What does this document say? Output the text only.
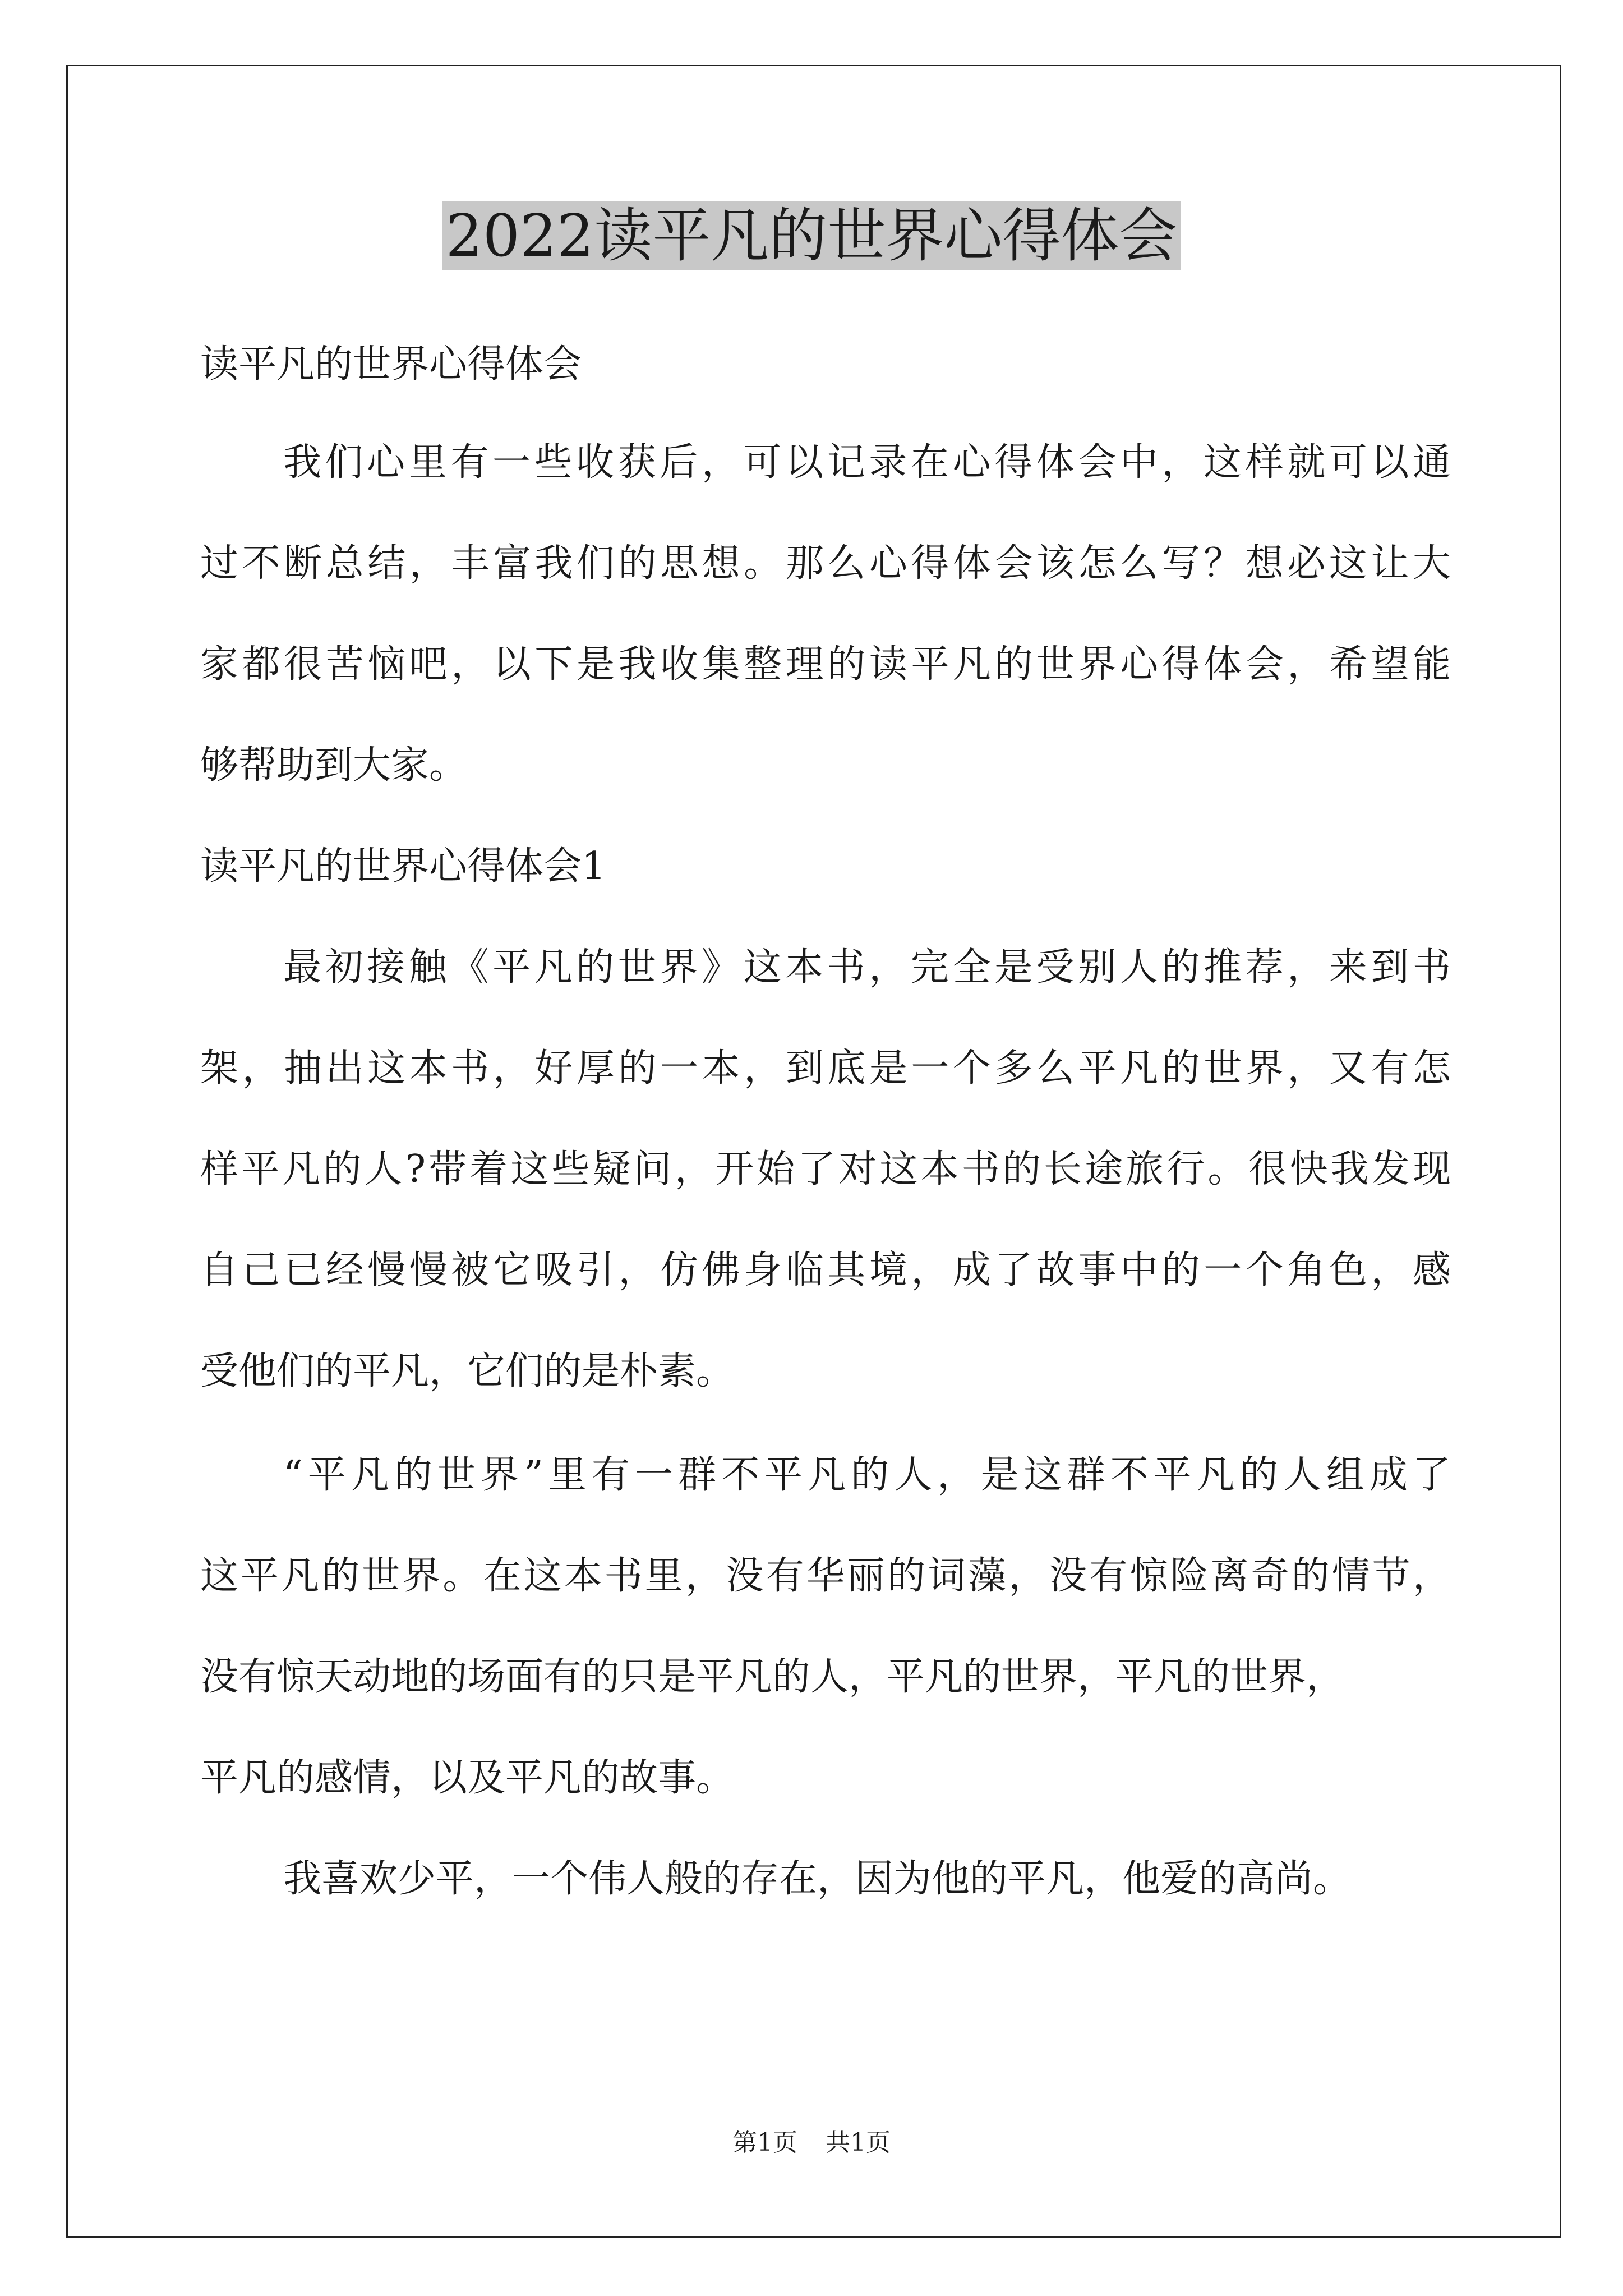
2022读平凡的世界心得体会
读平凡的世界心得体会
我们心里有一些收获后，可以记录在心得体会中，这样就可以通
过不断总结，丰富我们的思想。那么心得体会该怎么写？想必这让大
家都很苦恼吧，以下是我收集整理的读平凡的世界心得体会，希望能
够帮助到大家。
读平凡的世界心得体会1
最初接触《平凡的世界》这本书，完全是受别人的推荐，来到书
架，抽出这本书，好厚的一本，到底是一个多么平凡的世界，又有怎
样平凡的人?带着这些疑问，开始了对这本书的长途旅行。很快我发现
自己已经慢慢被它吸引，仿佛身临其境，成了故事中的一个角色，感
受他们的平凡，它们的是朴素。
“平凡的世界”里有一群不平凡的人，是这群不平凡的人组成了
这平凡的世界。在这本书里，没有华丽的词藻，没有惊险离奇的情节，
没有惊天动地的场面有的只是平凡的人，平凡的世界，平凡的世界，
平凡的感情，以及平凡的故事。
我喜欢少平，一个伟人般的存在，因为他的平凡，他爱的高尚。
第1页 共1页
